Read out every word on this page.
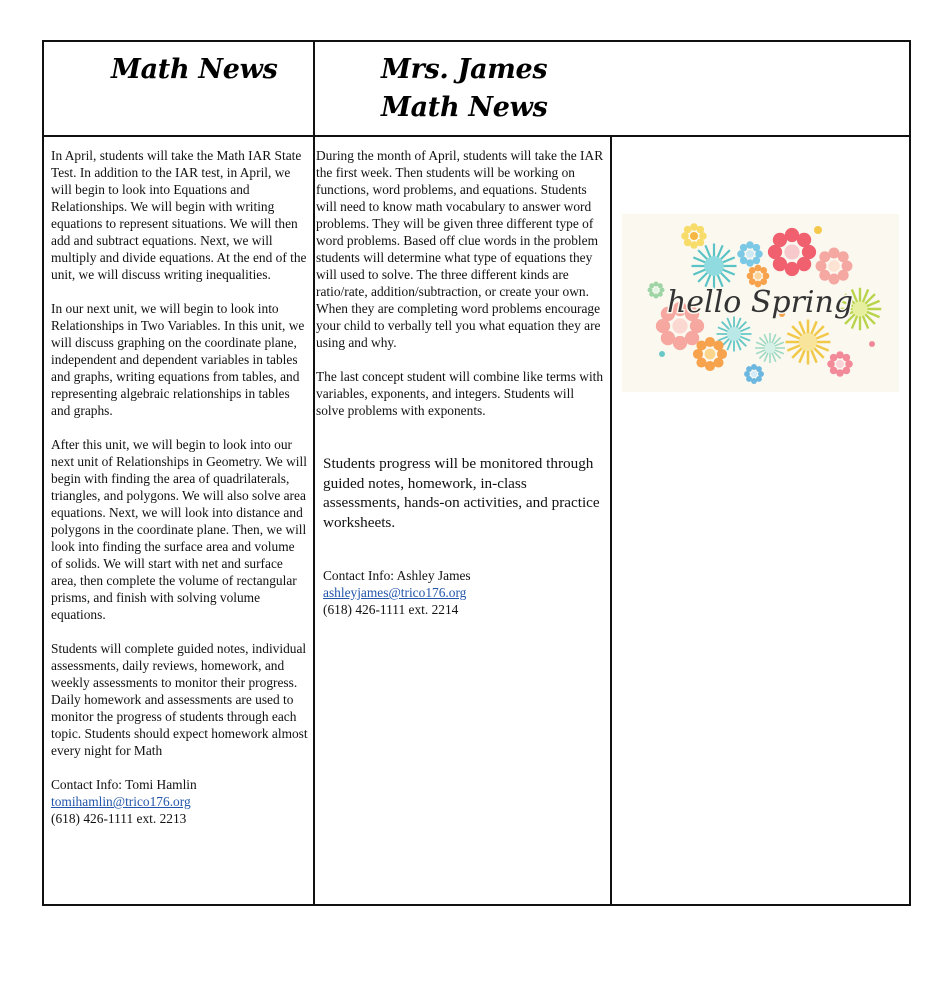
Math News	Mrs. James
Math News

In April, students will take the Math IAR State Test. In addition to the IAR test, in April, we will begin to look into Equations and Relationships. We will begin with writing equations to represent situations. We will then add and subtract equations. Next, we will multiply and divide equations. At the end of the unit, we will discuss writing inequalities.

In our next unit, we will begin to look into Relationships in Two Variables. In this unit, we will discuss graphing on the coordinate plane, independent and dependent variables in tables and graphs, writing equations from tables, and representing algebraic relationships in tables and graphs.

After this unit, we will begin to look into our next unit of Relationships in Geometry. We will begin with finding the area of quadrilaterals, triangles, and polygons. We will also solve area equations. Next, we will look into distance and polygons in the coordinate plane. Then, we will look into finding the surface area and volume of solids. We will start with net and surface area, then complete the volume of rectangular prisms, and finish with solving volume equations.

Students will complete guided notes, individual assessments, daily reviews, homework, and weekly assessments to monitor their progress. Daily homework and assessments are used to monitor the progress of students through each topic. Students should expect homework almost every night for Math

Contact Info: Tomi Hamlin
tomihamlin@trico176.org
(618) 426-1111 ext. 2213

During the month of April, students will take the IAR the first week. Then students will be working on functions, word problems, and equations. Students will need to know math vocabulary to answer word problems. They will be given three different type of word problems. Based off clue words in the problem students will determine what type of equations they will used to solve. The three different kinds are ratio/rate, addition/subtraction, or create your own. When they are completing word problems encourage your child to verbally tell you what equation they are using and why.

The last concept student will combine like terms with variables, exponents, and integers. Students will solve problems with exponents.

Students progress will be monitored through guided notes, homework, in-class assessments, hands-on activities, and practice worksheets.
Contact Info: Ashley James
ashleyjames@trico176.org
(618) 426-1111 ext. 2214
hello Spring
